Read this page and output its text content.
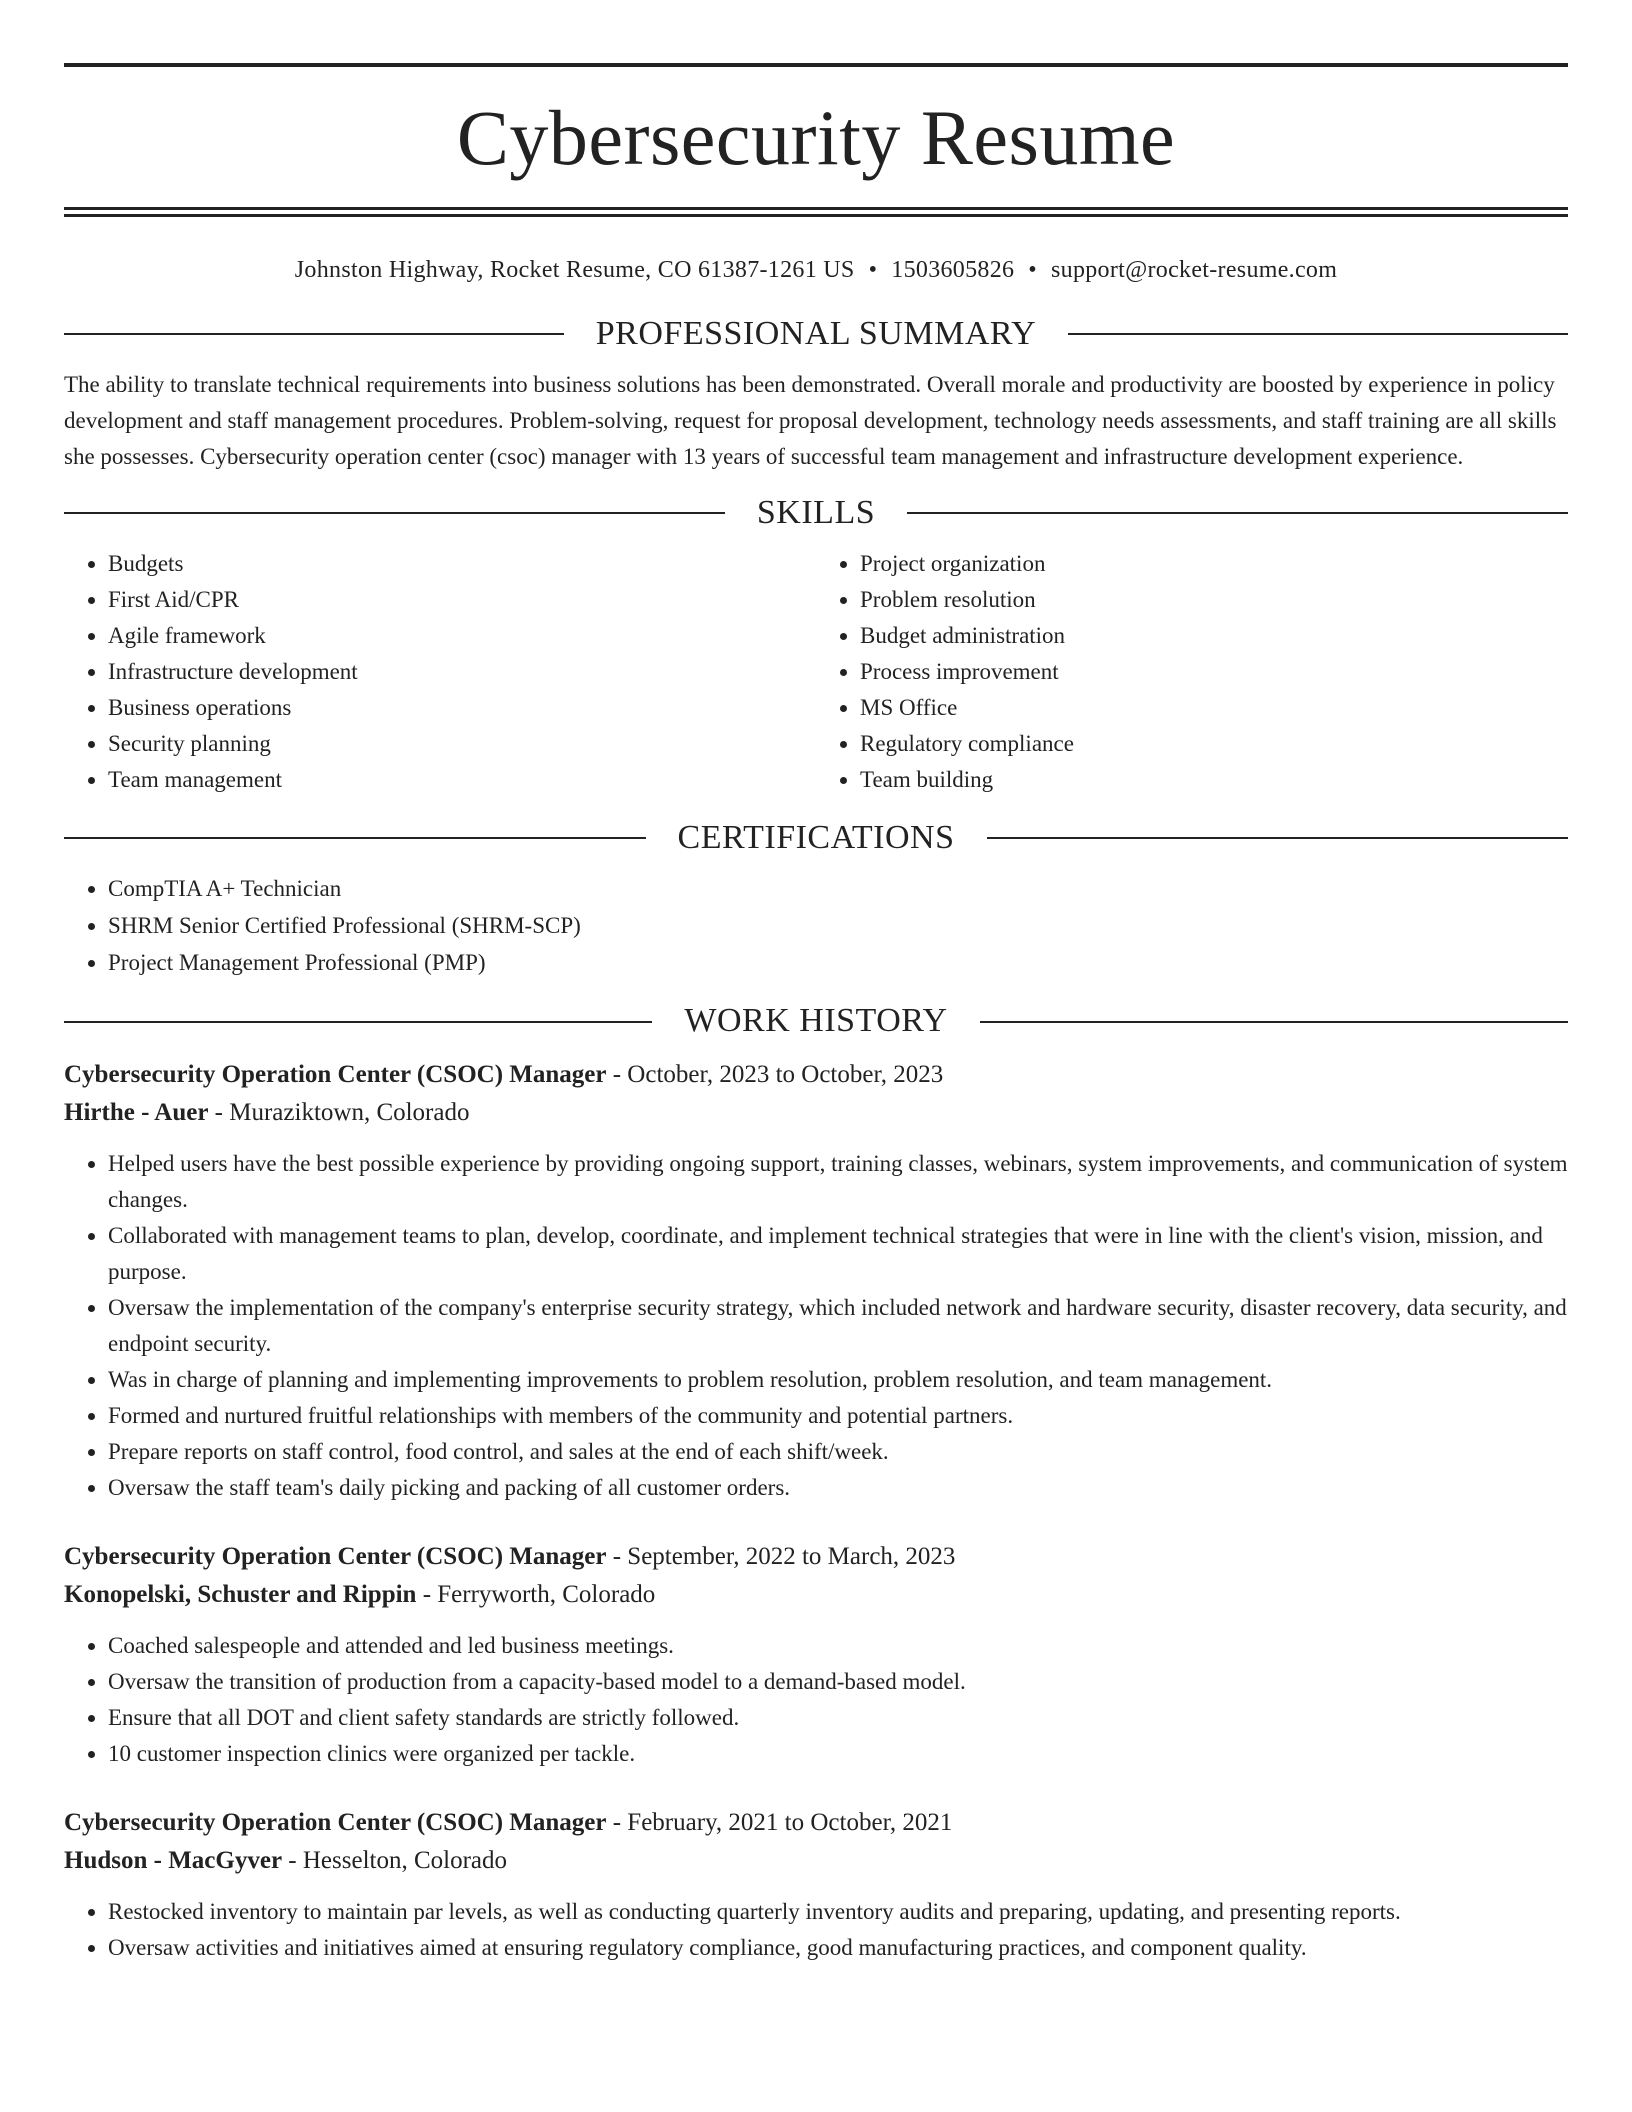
Cybersecurity Resume
Johnston Highway, Rocket Resume, CO 61387-1261 US • 1503605826 • support@rocket-resume.com
PROFESSIONAL SUMMARY
The ability to translate technical requirements into business solutions has been demonstrated. Overall morale and productivity are boosted by experience in policy development and staff management procedures. Problem-solving, request for proposal development, technology needs assessments, and staff training are all skills she possesses. Cybersecurity operation center (csoc) manager with 13 years of successful team management and infrastructure development experience.
SKILLS
• Budgets
• First Aid/CPR
• Agile framework
• Infrastructure development
• Business operations
• Security planning
• Team management
• Project organization
• Problem resolution
• Budget administration
• Process improvement
• MS Office
• Regulatory compliance
• Team building
CERTIFICATIONS
• CompTIA A+ Technician
• SHRM Senior Certified Professional (SHRM-SCP)
• Project Management Professional (PMP)
WORK HISTORY
Cybersecurity Operation Center (CSOC) Manager - October, 2023 to October, 2023
Hirthe - Auer - Muraziktown, Colorado
• Helped users have the best possible experience by providing ongoing support, training classes, webinars, system improvements, and communication of system changes.
• Collaborated with management teams to plan, develop, coordinate, and implement technical strategies that were in line with the client's vision, mission, and purpose.
• Oversaw the implementation of the company's enterprise security strategy, which included network and hardware security, disaster recovery, data security, and endpoint security.
• Was in charge of planning and implementing improvements to problem resolution, problem resolution, and team management.
• Formed and nurtured fruitful relationships with members of the community and potential partners.
• Prepare reports on staff control, food control, and sales at the end of each shift/week.
• Oversaw the staff team's daily picking and packing of all customer orders.
Cybersecurity Operation Center (CSOC) Manager - September, 2022 to March, 2023
Konopelski, Schuster and Rippin - Ferryworth, Colorado
• Coached salespeople and attended and led business meetings.
• Oversaw the transition of production from a capacity-based model to a demand-based model.
• Ensure that all DOT and client safety standards are strictly followed.
• 10 customer inspection clinics were organized per tackle.
Cybersecurity Operation Center (CSOC) Manager - February, 2021 to October, 2021
Hudson - MacGyver - Hesselton, Colorado
• Restocked inventory to maintain par levels, as well as conducting quarterly inventory audits and preparing, updating, and presenting reports.
• Oversaw activities and initiatives aimed at ensuring regulatory compliance, good manufacturing practices, and component quality.
